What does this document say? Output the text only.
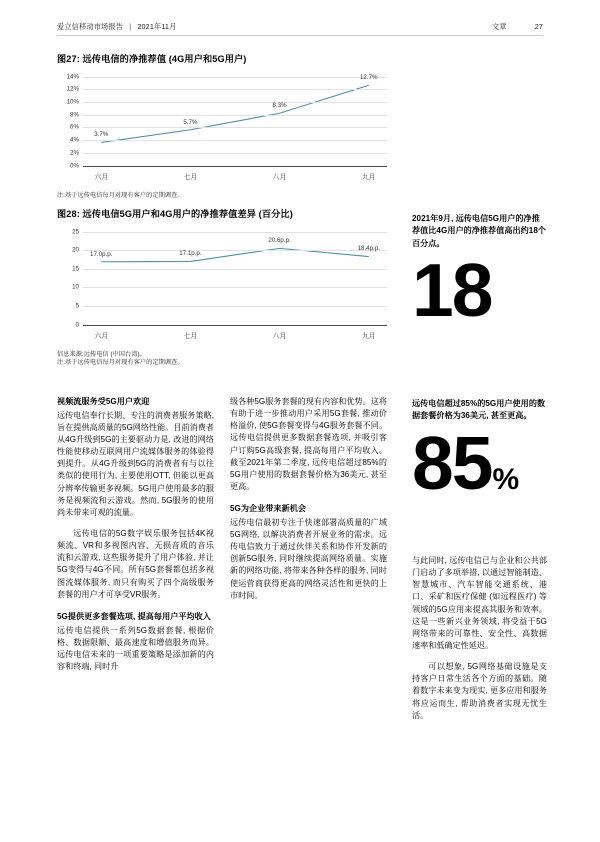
爱立信移动市场报告 | 2021年11月	文章	27
图27: 远传电信的净推荐值 (4G用户和5G用户)
0%
2%
4%
6%
8%
10%
12%
14%
六月	七月	八月	九月
3.7%
5.7%
8.3%
12.7%
注:基于远传电信每月对现有客户的定期调查。
图28: 远传电信5G用户和4G用户的净推荐值差异 (百分比)
0
5
10
15
20
25
六月	七月	八月	九月
17.0p.p.	17.1p.p.
20.6p.p.
18.4p.p.
信息来源:远传电信 (中国台湾)。
注:基于远传电信每月对现有客户的定期调查。
2021年9月, 远传电信5G用户的净推荐值比4G用户的净推荐值高出约18个百分点。
18
远传电信超过85%的5G用户使用的数据套餐价格为36美元, 甚至更高。
85 %
视频流服务受5G用户欢迎

远传电信奉行长期、专注的消费者服务策略, 旨在提供高质量的5G网络性能。目前消费者从4G升级到5G的主要驱动力是, 改进的网络性能使移动互联网用户流媒体服务的体验得到提升。从4G升级到5G的消费者有与以往类似的使用行为, 主要使用OTT, 但能以更高分辨率传输更多视频。5G用户使用最多的服务是视频流和云游戏。然而, 5G服务的使用尚未带来可观的流量。

远传电信的5G数字娱乐服务包括4K视频流、VR和多视图内容、无损音质的音乐流和云游戏, 这些服务提升了用户体验, 并让5G变得与4G不同。所有5G套餐都包括多视图流媒体服务, 而只有购买了四个高级服务套餐的用户才可享受VR服务。

5G提供更多套餐选项, 提高每用户平均收入

远传电信提供一系列5G数据套餐, 根据价格、数据限额、最高速度和增值服务而异。远传电信未来的一项重要策略是添加新的内容和终端, 同时升

级各种5G服务套餐的现有内容和优势。这将有助于进一步推动用户采用5G套餐, 推动价格溢价, 使5G套餐变得与4G服务套餐不同。远传电信提供更多数据套餐选项, 并吸引客户订购5G高级套餐, 提高每用户平均收入。截至2021年第二季度, 远传电信超过85%的5G用户使用的数据套餐价格为36美元, 甚至更高。

5G为企业带来新机会

远传电信最初专注于快速部署高质量的广域5G网络, 以解决消费者开展业务的需求。远传电信致力于通过伙伴关系和协作开发新的创新5G服务, 同时继续提高网络质量。实施新的网络功能, 将带来各种各样的服务, 同时使运营商获得更高的网络灵活性和更快的上市时间。

与此同时, 远传电信已与企业和公共部门启动了多项举措, 以通过智能制造、智慧城市、汽车智能交通系统、港口、采矿和医疗保健 (如远程医疗) 等领域的5G应用来提高其服务和效率。这是一些新兴业务领域, 将受益于5G网络带来的可靠性、安全性、高数据速率和低确定性延迟。

可以想象, 5G网络基础设施是支持客户日常生活各个方面的基础。随着数字未来变为现实, 更多应用和服务将应运而生, 帮助消费者实现无忧生活。
